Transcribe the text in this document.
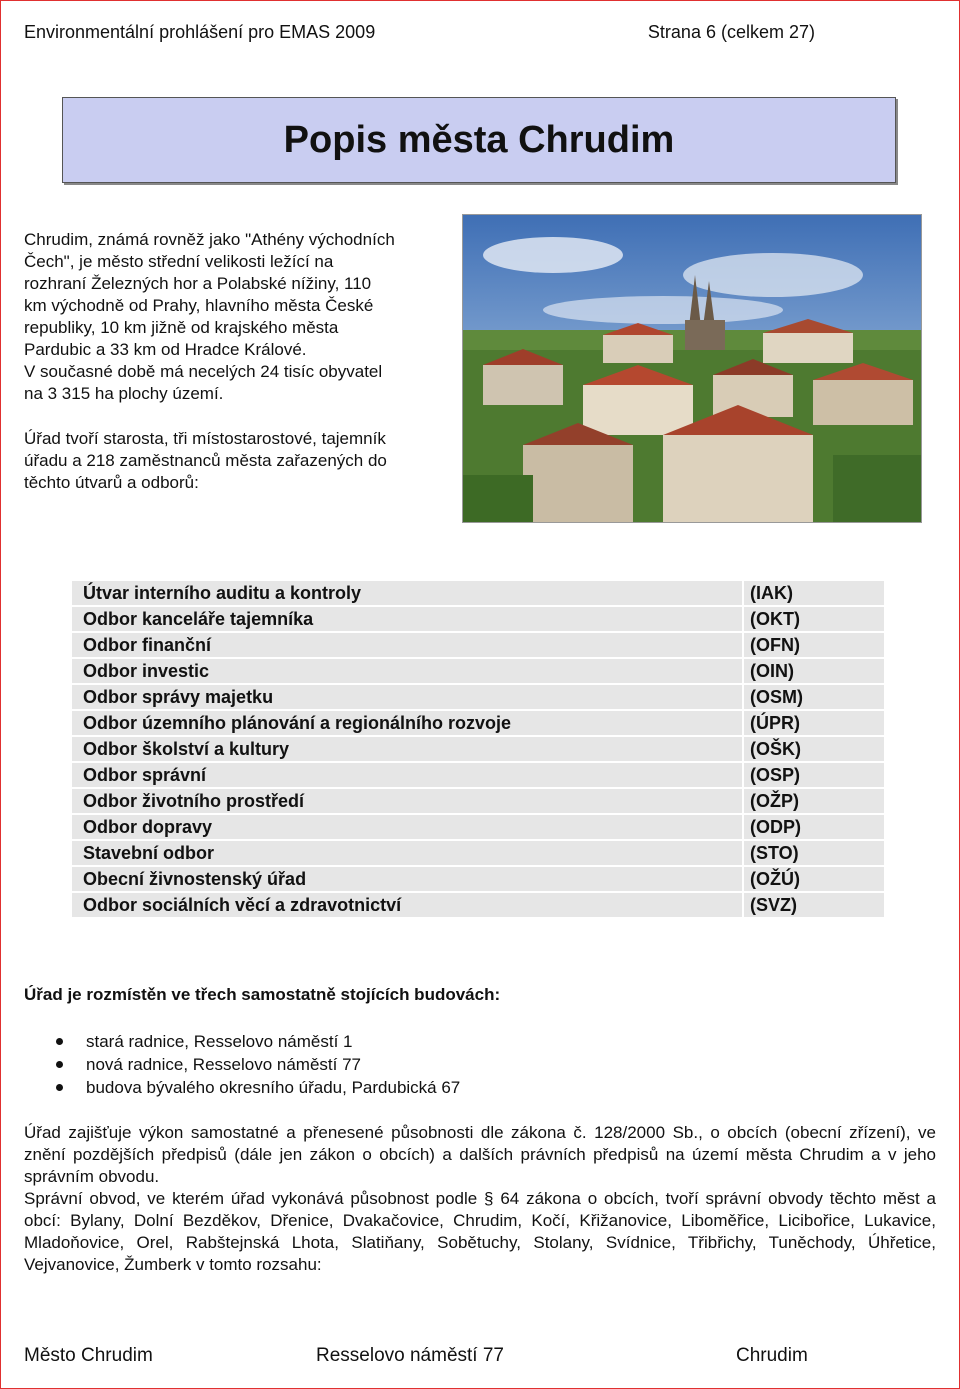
Environmentální prohlášení pro EMAS 2009	Strana 6 (celkem 27)
Popis města Chrudim
Chrudim, známá rovněž jako "Athény východních
Čech", je město střední velikosti ležící na
rozhraní Železných hor a Polabské nížiny, 110
km východně od Prahy, hlavního města České
republiky, 10 km jižně od krajského města
Pardubic a 33 km od Hradce Králové.
V současné době má necelých 24 tisíc obyvatel
na 3 315 ha plochy území.
Úřad tvoří starosta, tři místostarostové, tajemník
úřadu a 218 zaměstnanců města zařazených do
těchto útvarů a odborů:
Útvar interního auditu a kontroly	(IAK)
Odbor kanceláře tajemníka	(OKT)
Odbor finanční	(OFN)
Odbor investic	(OIN)
Odbor správy majetku	(OSM)
Odbor územního plánování a regionálního rozvoje	(ÚPR)
Odbor školství a kultury	(OŠK)
Odbor správní	(OSP)
Odbor životního prostředí	(OŽP)
Odbor dopravy	(ODP)
Stavební odbor	(STO)
Obecní živnostenský úřad	(OŽÚ)
Odbor sociálních věcí a zdravotnictví	(SVZ)
Úřad je rozmístěn ve třech samostatně stojících budovách:
stará radnice, Resselovo náměstí 1
nová radnice, Resselovo náměstí 77
budova bývalého okresního úřadu, Pardubická 67

Úřad zajišťuje výkon samostatné a přenesené působnosti dle zákona č. 128/2000 Sb., o obcích (obecní zřízení), ve znění pozdějších předpisů (dále jen zákon o obcích) a dalších právních předpisů na území města Chrudim a v jeho správním obvodu.

Správní obvod, ve kterém úřad vykonává působnost podle § 64 zákona o obcích, tvoří správní obvody těchto měst a obcí: Bylany, Dolní Bezděkov, Dřenice, Dvakačovice, Chrudim, Kočí, Křižanovice, Liboměřice, Licibořice, Lukavice, Mladoňovice, Orel, Rabštejnská Lhota, Slatiňany, Sobětuchy, Stolany, Svídnice, Třibřichy, Tuněchody, Úhřetice, Vejvanovice, Žumberk v tomto rozsahu:

Město Chrudim	Resselovo náměstí 77	Chrudim
